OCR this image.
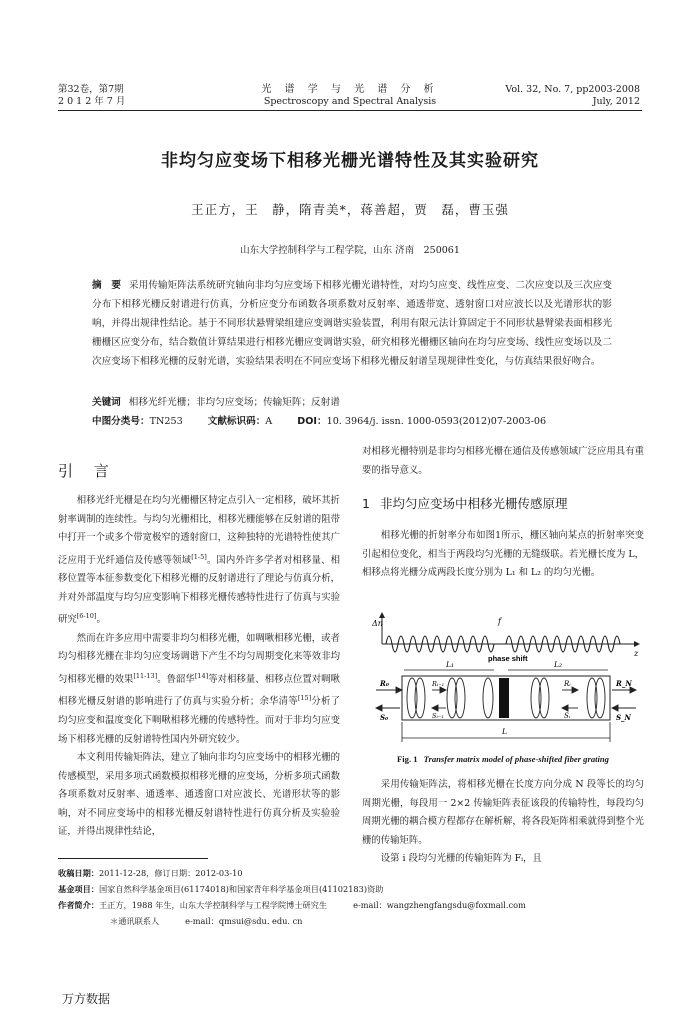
第32卷，第7期
2 0 1 2 年 7 月
光 谱 学 与 光 谱 分 析
Spectroscopy and Spectral Analysis
Vol. 32, No. 7, pp2003-2008
July, 2012
非均匀应变场下相移光栅光谱特性及其实验研究
王正方，王　静，隋青美*，蒋善超，贾　磊，曹玉强
山东大学控制科学与工程学院，山东 济南　250061
摘　要 采用传输矩阵法系统研究轴向非均匀应变场下相移光栅光谱特性，对均匀应变、线性应变、二次应变以及三次应变分布下相移光栅反射谱进行仿真，分析应变分布函数各项系数对反射率、通透带宽、透射窗口对应波长以及光谱形状的影响，并得出规律性结论。基于不同形状悬臂梁组建应变调谐实验装置，利用有限元法计算固定于不同形状悬臂梁表面相移光栅栅区应变分布，结合数值计算结果进行相移光栅应变调谐实验，研究相移光栅栅区轴向在均匀应变场、线性应变场以及二次应变场下相移光栅的反射光谱，实验结果表明在不同应变场下相移光栅反射谱呈现规律性变化，与仿真结果很好吻合。
关键词 相移光纤光栅；非均匀应变场；传输矩阵；反射谱
中图分类号：TN253	文献标识码：A	DOI：10. 3964/j. issn. 1000-0593(2012)07-2003-06
引 言

相移光纤光栅是在均匀光栅栅区特定点引入一定相移，破坏其折射率调制的连续性。与均匀光栅相比，相移光栅能够在反射谱的阻带中打开一个或多个带宽极窄的透射窗口，这种独特的光谱特性使其广泛应用于光纤通信及传感等领域[1-5]。国内外许多学者对相移量、相移位置等本征参数变化下相移光栅的反射谱进行了理论与仿真分析，并对外部温度与均匀应变影响下相移光栅传感特性进行了仿真与实验研究[6-10]。

然而在许多应用中需要非均匀相移光栅，如啁啾相移光栅，或者均匀相移光栅在非均匀应变场调谐下产生不均匀周期变化来等效非均匀相移光栅的效果[11-13]。鲁韶华[14]等对相移量、相移点位置对啁啾相移光栅反射谱的影响进行了仿真与实验分析；余华清等[15]分析了均匀应变和温度变化下啁啾相移光栅的传感特性。而对于非均匀应变场下相移光栅的反射谱特性国内外研究较少。

本文利用传输矩阵法，建立了轴向非均匀应变场中的相移光栅的传感模型，采用多项式函数模拟相移光栅的应变场，分析多项式函数各项系数对反射率、通透率、通透窗口对应波长、光谱形状等的影响，对不同应变场中的相移光栅反射谱特性进行仿真分析及实验验证，并得出规律性结论，

对相移光栅特别是非均匀相移光栅在通信及传感领域广泛应用具有重要的指导意义。

1 非均匀应变场中相移光栅传感原理

相移光栅的折射率分布如图1所示，栅区轴向某点的折射率突变引起相位变化，相当于两段均匀光栅的无缝级联。若光栅长度为 L，相移点将光栅分成两段长度分别为 L₁ 和 L₂ 的均匀光栅。

Δn
z
f
phase shift
L₁	L₂
R₀
S₀
Rᵢ₋₁
Sᵢ₋₁
Rᵢ
Sᵢ
R_N
S_N
L
Fig. 1 Transfer matrix model of phase-shifted fiber grating

采用传输矩阵法，将相移光栅在长度方向分成 N 段等长的均匀周期光栅，每段用一 2×2 传输矩阵表征该段的传输特性，每段均匀周期光栅的耦合模方程都存在解析解，将各段矩阵相乘就得到整个光栅的传输矩阵。

设第 i 段均匀光栅的传输矩阵为 Fᵢ，且

收稿日期：2011-12-28，修订日期：2012-03-10
基金项目：国家自然科学基金项目(61174018)和国家青年科学基金项目(41102183)资助
作者简介：王正方，1988 年生，山东大学控制科学与工程学院博士研究生	e-mail：wangzhengfangsdu@foxmail.com
＊通讯联系人	e-mail：qmsui@sdu. edu. cn
万方数据
